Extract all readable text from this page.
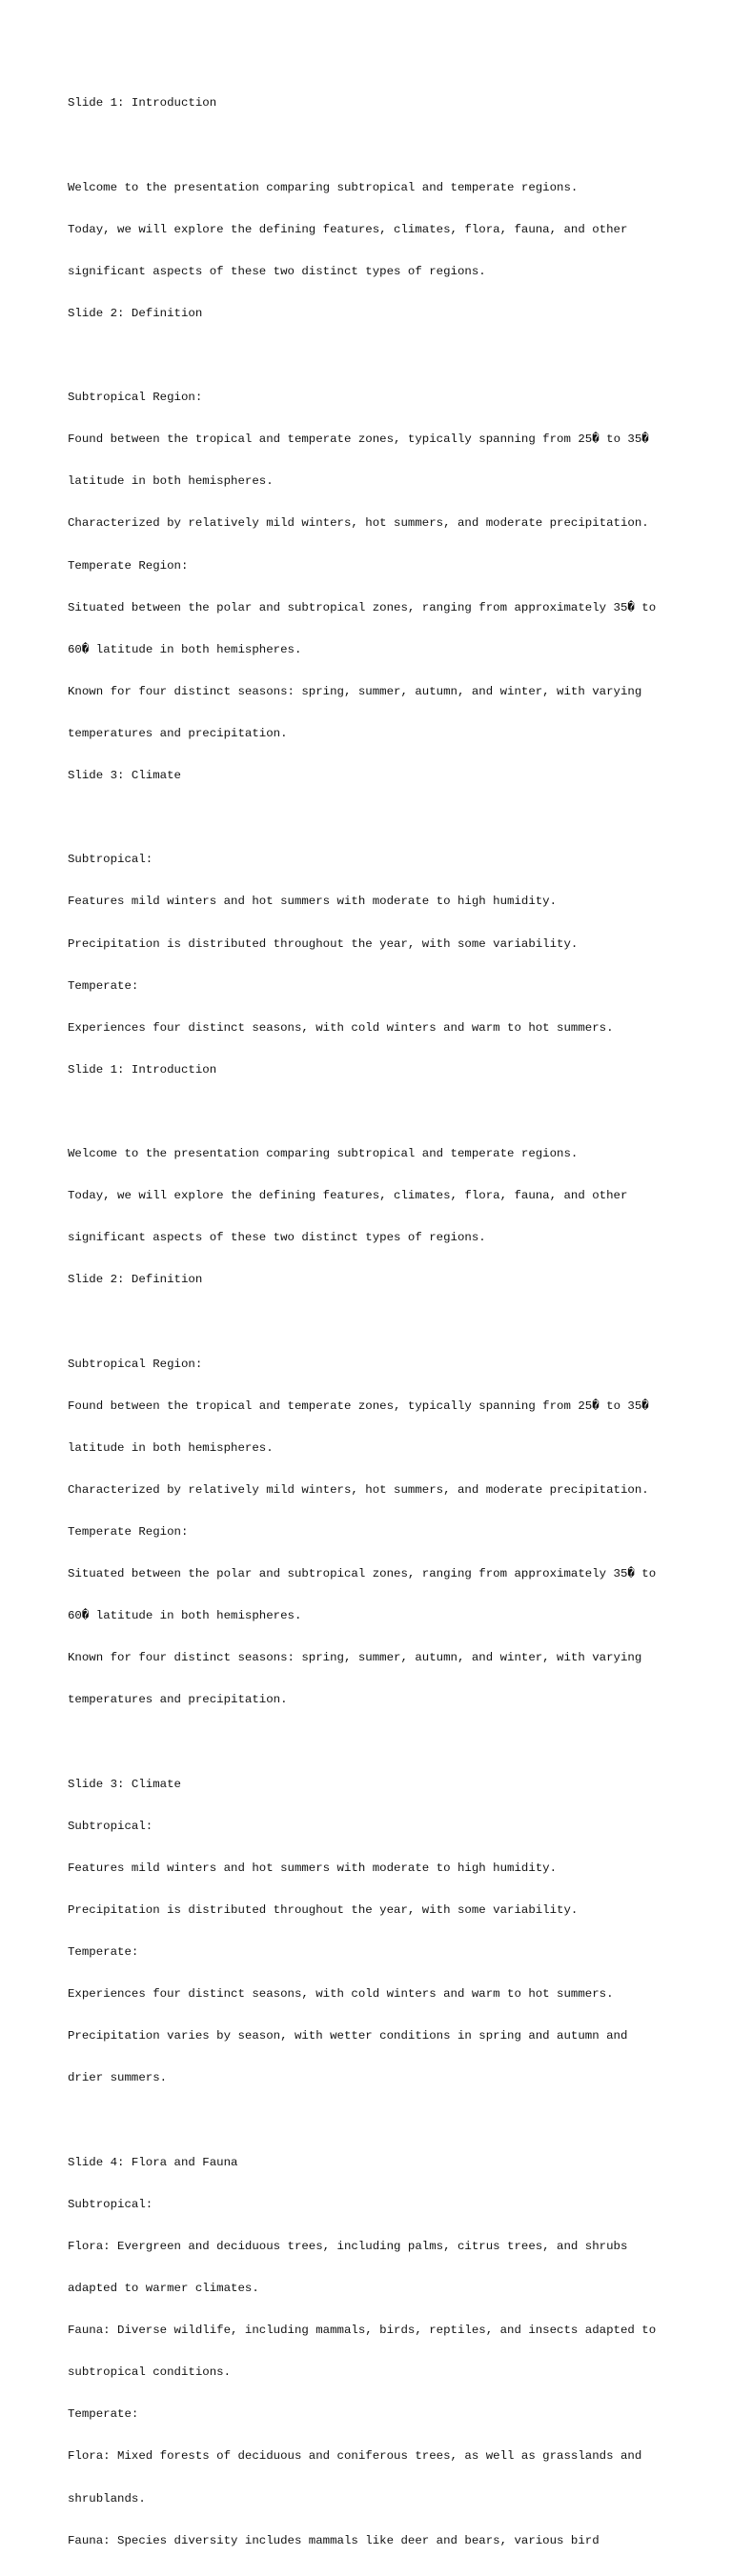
Slide 1: Introduction

Welcome to the presentation comparing subtropical and temperate regions.

Today, we will explore the defining features, climates, flora, fauna, and other

significant aspects of these two distinct types of regions.

Slide 2: Definition

Subtropical Region:

Found between the tropical and temperate zones, typically spanning from 25� to 35�

latitude in both hemispheres.

Characterized by relatively mild winters, hot summers, and moderate precipitation.

Temperate Region:

Situated between the polar and subtropical zones, ranging from approximately 35� to

60� latitude in both hemispheres.

Known for four distinct seasons: spring, summer, autumn, and winter, with varying

temperatures and precipitation.

Slide 3: Climate

Subtropical:

Features mild winters and hot summers with moderate to high humidity.

Precipitation is distributed throughout the year, with some variability.

Temperate:

Experiences four distinct seasons, with cold winters and warm to hot summers.

Slide 1: Introduction

Welcome to the presentation comparing subtropical and temperate regions.

Today, we will explore the defining features, climates, flora, fauna, and other

significant aspects of these two distinct types of regions.

Slide 2: Definition

Subtropical Region:

Found between the tropical and temperate zones, typically spanning from 25� to 35�

latitude in both hemispheres.

Characterized by relatively mild winters, hot summers, and moderate precipitation.

Temperate Region:

Situated between the polar and subtropical zones, ranging from approximately 35� to

60� latitude in both hemispheres.

Known for four distinct seasons: spring, summer, autumn, and winter, with varying

temperatures and precipitation.

Slide 3: Climate

Subtropical:

Features mild winters and hot summers with moderate to high humidity.

Precipitation is distributed throughout the year, with some variability.

Temperate:

Experiences four distinct seasons, with cold winters and warm to hot summers.

Precipitation varies by season, with wetter conditions in spring and autumn and

drier summers.

Slide 4: Flora and Fauna

Subtropical:

Flora: Evergreen and deciduous trees, including palms, citrus trees, and shrubs

adapted to warmer climates.

Fauna: Diverse wildlife, including mammals, birds, reptiles, and insects adapted to

subtropical conditions.

Temperate:

Flora: Mixed forests of deciduous and coniferous trees, as well as grasslands and

shrublands.

Fauna: Species diversity includes mammals like deer and bears, various bird
